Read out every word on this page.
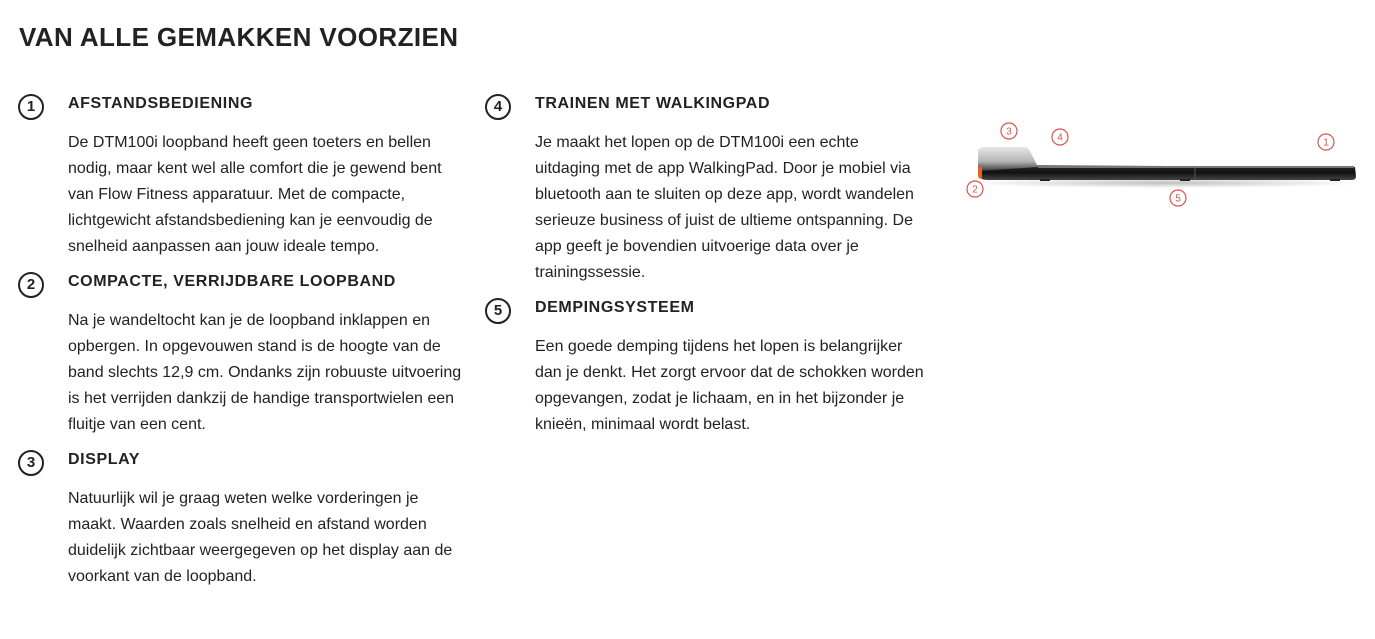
VAN ALLE GEMAKKEN VOORZIEN
1	AFSTANDSBEDIENING

De DTM100i loopband heeft geen toeters en bellen nodig, maar kent wel alle comfort die je gewend bent van Flow Fitness apparatuur. Met de compacte, lichtgewicht afstandsbediening kan je eenvoudig de snelheid aanpassen aan jouw ideale tempo.

2	COMPACTE, VERRIJDBARE LOOPBAND

Na je wandeltocht kan je de loopband inklappen en opbergen. In opgevouwen stand is de hoogte van de band slechts 12,9 cm. Ondanks zijn robuuste uitvoering is het verrijden dankzij de handige transportwielen een fluitje van een cent.

3	DISPLAY

Natuurlijk wil je graag weten welke vorderingen je maakt. Waarden zoals snelheid en afstand worden duidelijk zichtbaar weergegeven op het display aan de voorkant van de loopband.

4	TRAINEN MET WALKINGPAD

Je maakt het lopen op de DTM100i een echte uitdaging met de app WalkingPad. Door je mobiel via bluetooth aan te sluiten op deze app, wordt wandelen serieuze business of juist de ultieme ontspanning. De app geeft je bovendien uitvoerige data over je trainingssessie.

5	DEMPINGSYSTEEM

Een goede demping tijdens het lopen is belangrijker dan je denkt. Het zorgt ervoor dat de schokken worden opgevangen, zodat je lichaam, en in het bijzonder je knieën, minimaal wordt belast.

1
2
3
4
5
